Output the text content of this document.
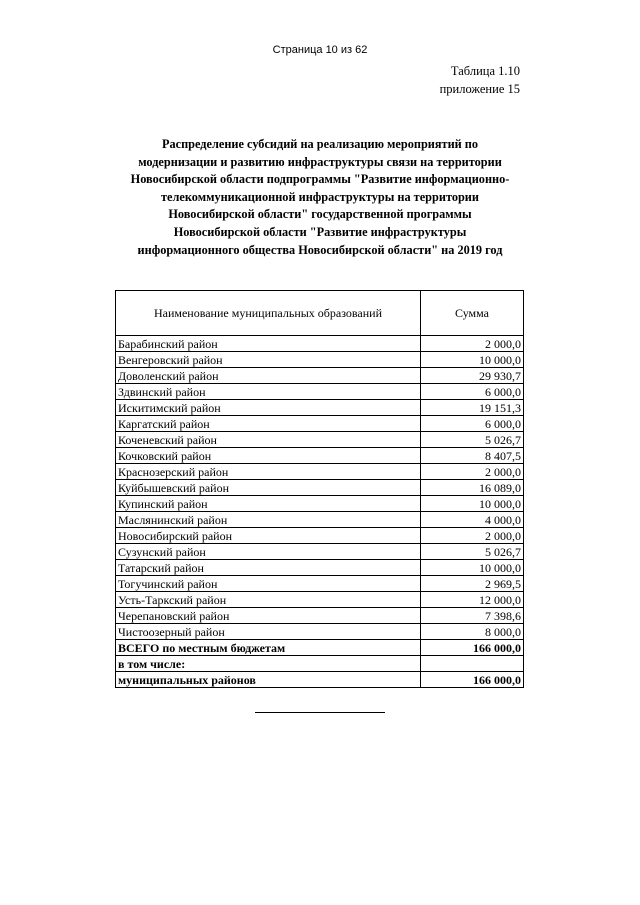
Страница 10 из 62
Таблица 1.10
приложение 15
Распределение субсидий на реализацию мероприятий по
модернизации и развитию инфраструктуры связи на территории
Новосибирской области подпрограммы "Развитие информационно-
телекоммуникационной инфраструктуры на территории
Новосибирской области" государственной программы
Новосибирской области "Развитие инфраструктуры
информационного общества Новосибирской области" на 2019 год
Наименование муниципальных образований	Сумма
Барабинский район	2 000,0
Венгеровский район	10 000,0
Доволенский район	29 930,7
Здвинский район	6 000,0
Искитимский район	19 151,3
Каргатский район	6 000,0
Коченевский район	5 026,7
Кочковский район	8 407,5
Краснозерский район	2 000,0
Куйбышевский район	16 089,0
Купинский район	10 000,0
Маслянинский район	4 000,0
Новосибирский район	2 000,0
Сузунский район	5 026,7
Татарский район	10 000,0
Тогучинский район	2 969,5
Усть-Таркский район	12 000,0
Черепановский район	7 398,6
Чистоозерный район	8 000,0
ВСЕГО по местным бюджетам	166 000,0
в том числе:	
муниципальных районов	166 000,0
